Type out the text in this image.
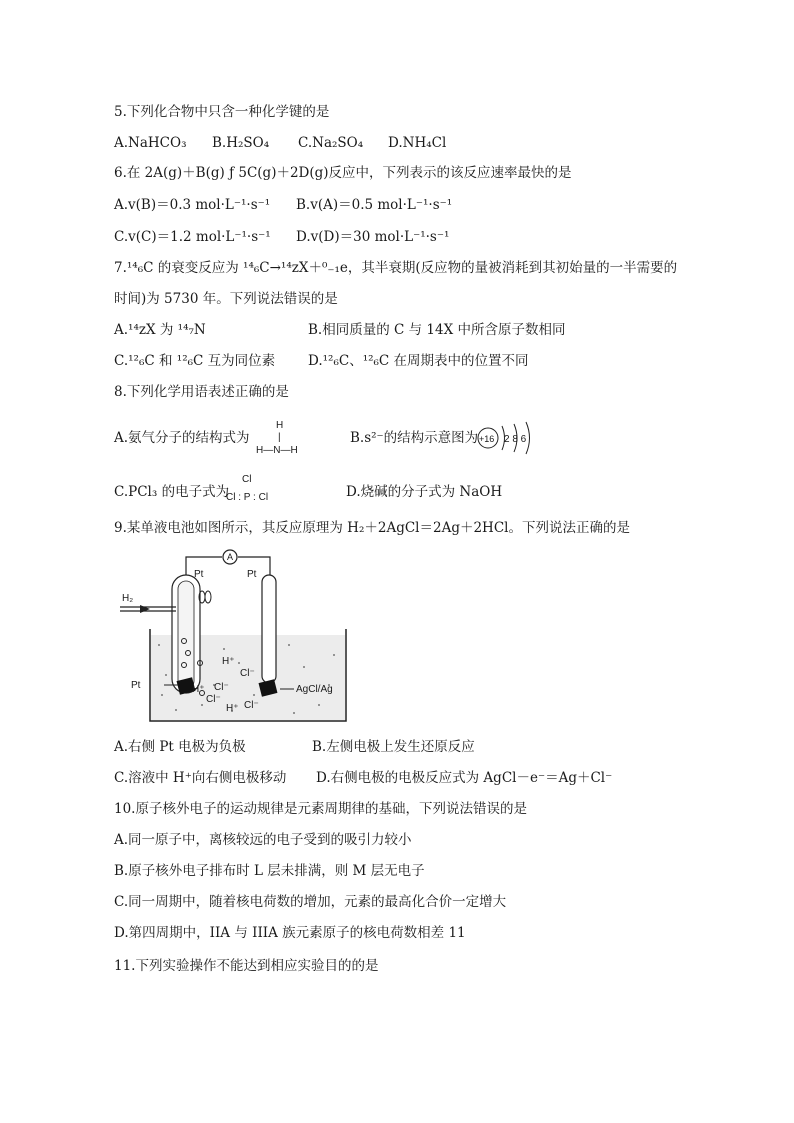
5.下列化合物中只含一种化学键的是
A.NaHCO₃ B.H₂SO₄ C.Na₂SO₄ D.NH₄Cl
6.在 2A(g)＋B(g) ƒ 5C(g)＋2D(g)反应中，下列表示的该反应速率最快的是
A.v(B)＝0.3 mol·L⁻¹·s⁻¹ B.v(A)＝0.5 mol·L⁻¹·s⁻¹
C.v(C)＝1.2 mol·L⁻¹·s⁻¹ D.v(D)＝30 mol·L⁻¹·s⁻¹
7.¹⁴₆C 的衰变反应为 ¹⁴₆C→¹⁴zX＋⁰₋₁e，其半衰期(反应物的量被消耗到其初始量的一半需要的
时间)为 5730 年。下列说法错误的是
A.¹⁴zX 为 ¹⁴₇N	B.相同质量的 C 与 14X 中所含原子数相同
C.¹²₆C 和 ¹²₆C 互为同位素 D.¹²₆C、¹²₆C 在周期表中的位置不同
8.下列化学用语表述正确的是
A.氨气分子的结构式为
H
|
H—N—H
B.s²⁻的结构示意图为 +16 2 8 6
C.PCl₃ 的电子式为
Cl
Cl : P : Cl	D.烧碱的分子式为 NaOH
9.某单液电池如图所示，其反应原理为 H₂＋2AgCl＝2Ag＋2HCl。下列说法正确的是
A
H₂
Pt	Pt
Pt	AgCl/Ag
H⁺
Cl⁻
H⁺ Cl⁻
Cl⁻
H⁺ Cl⁻
A.右侧 Pt 电极为负极	B.左侧电极上发生还原反应
C.溶液中 H⁺向右侧电极移动 D.右侧电极的电极反应式为 AgCl－e⁻＝Ag＋Cl⁻
10.原子核外电子的运动规律是元素周期律的基础，下列说法错误的是
A.同一原子中，离核较远的电子受到的吸引力较小
B.原子核外电子排布时 L 层未排满，则 M 层无电子
C.同一周期中，随着核电荷数的增加，元素的最高化合价一定增大
D.第四周期中，IIA 与 IIIA 族元素原子的核电荷数相差 11
11.下列实验操作不能达到相应实验目的的是
